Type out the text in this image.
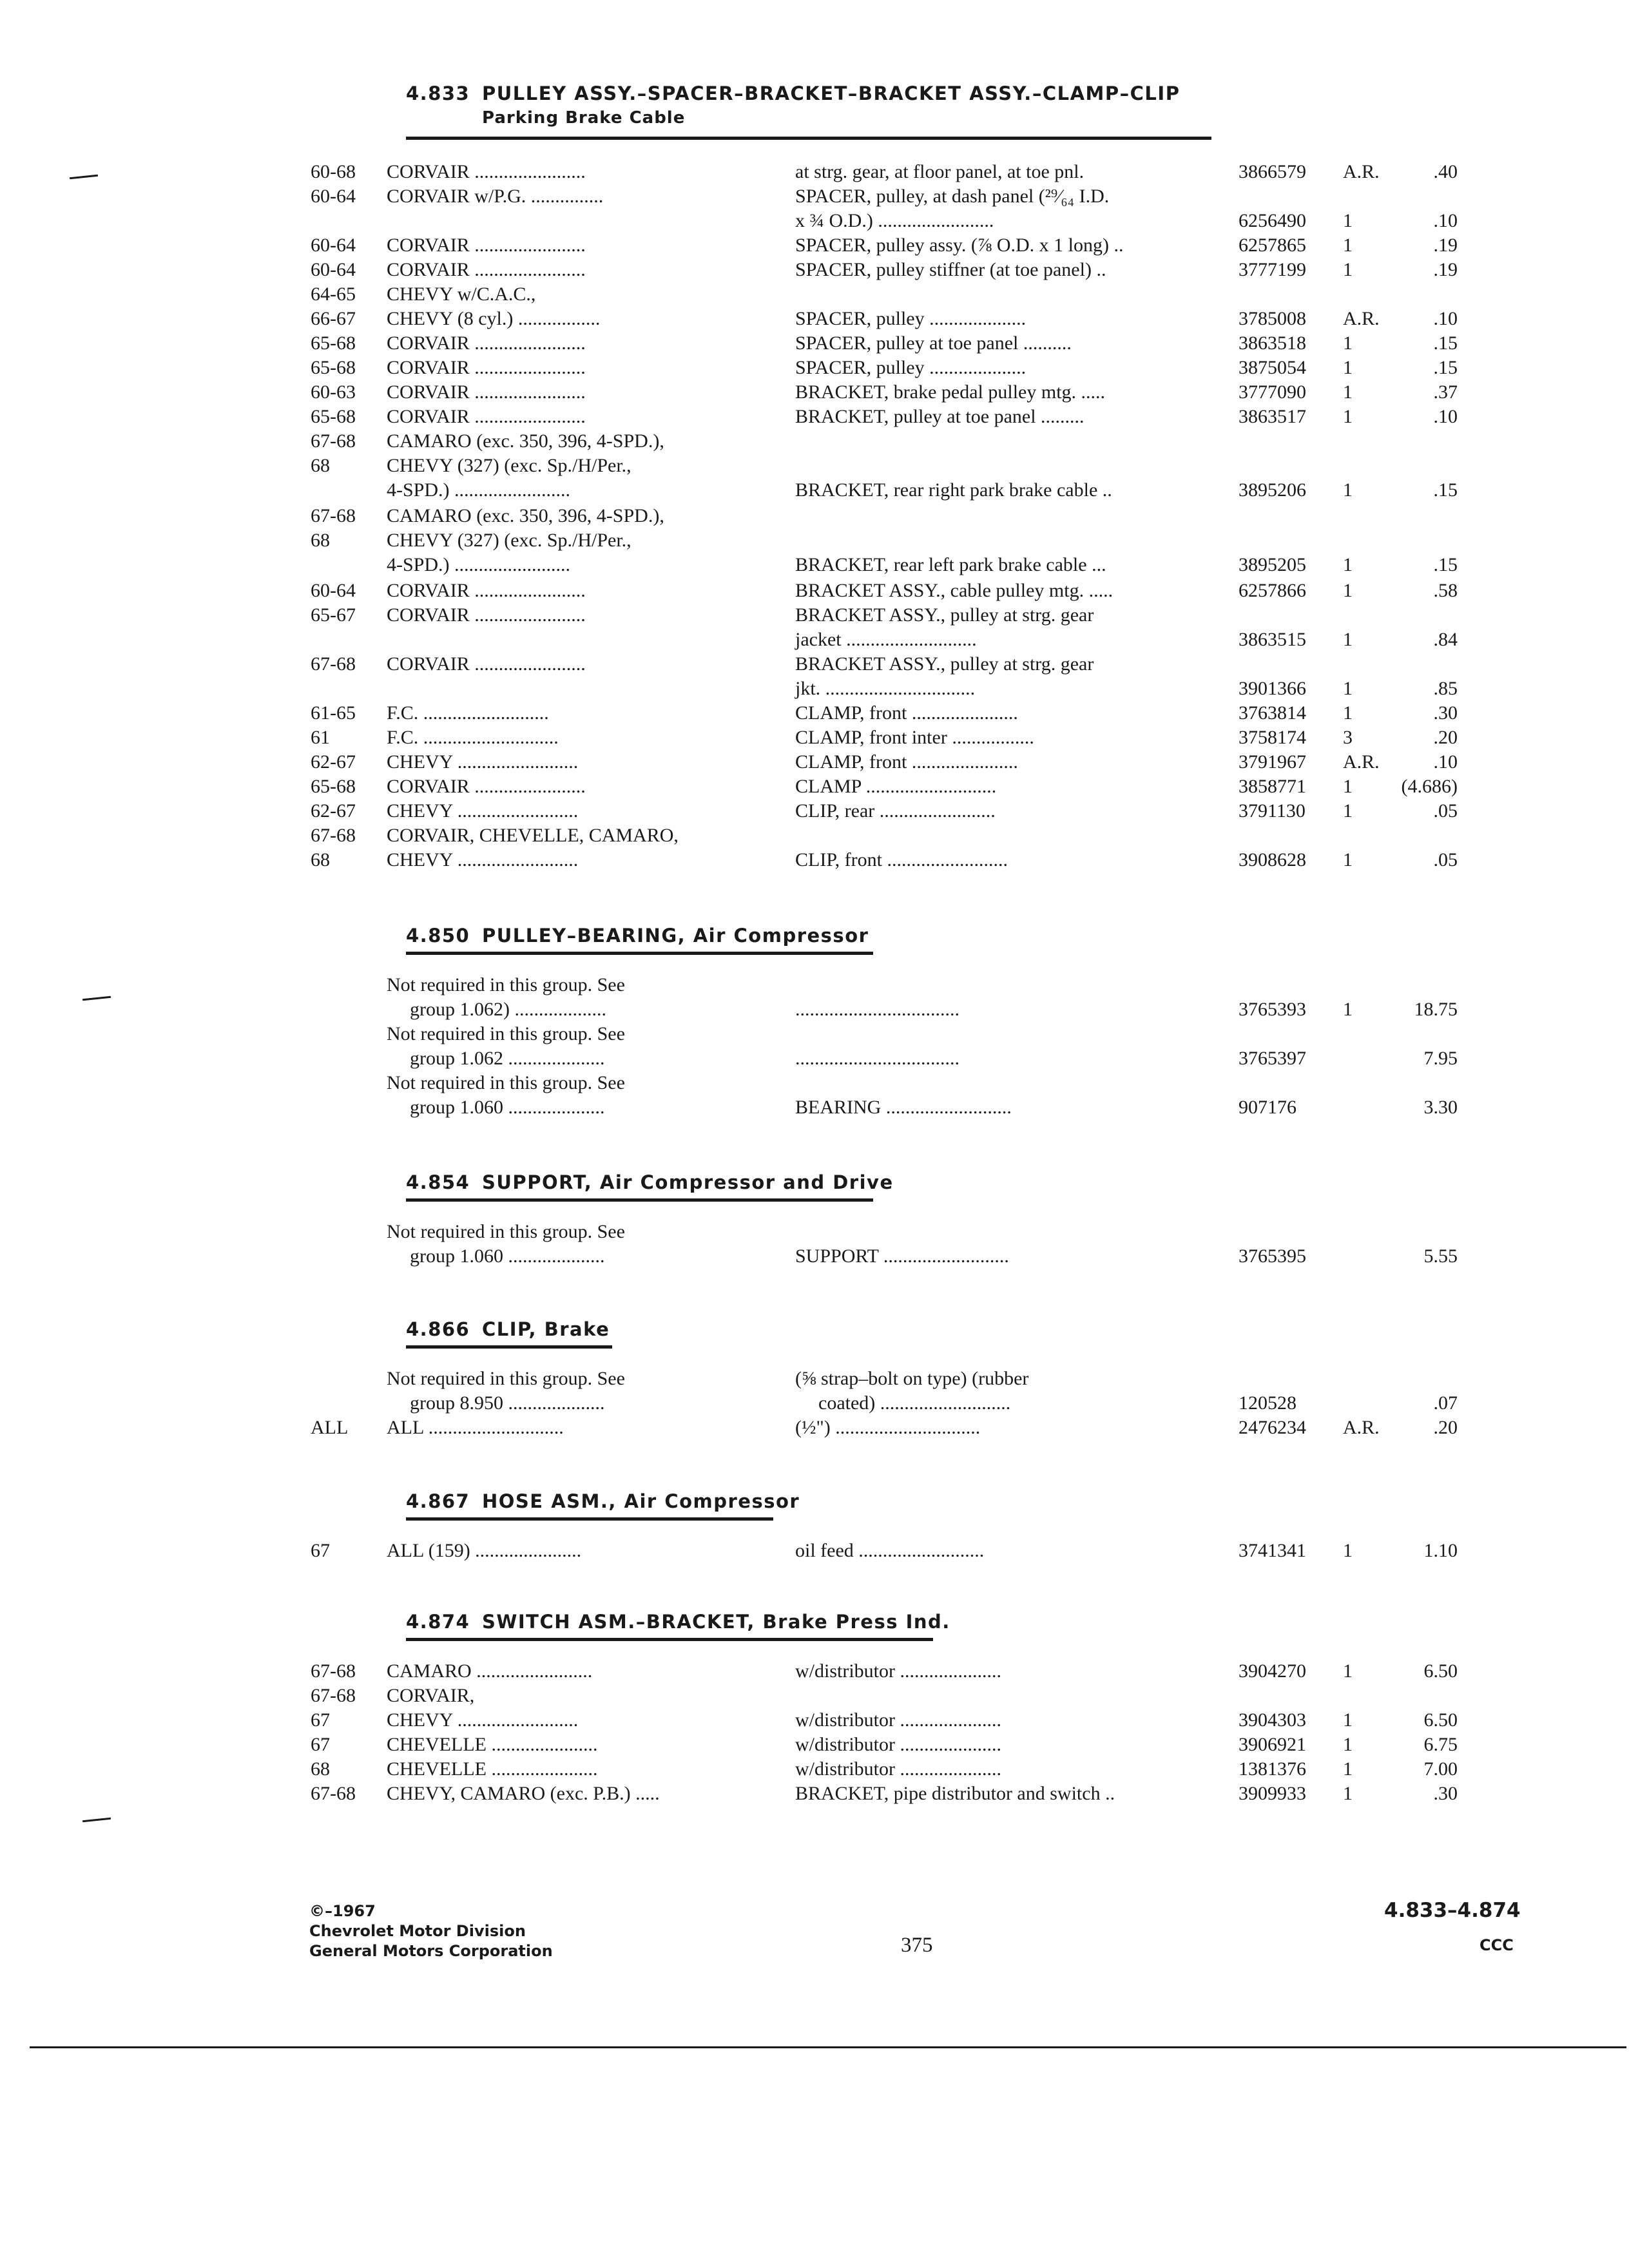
4.833 PULLEY ASSY.–SPACER–BRACKET–BRACKET ASSY.–CLAMP–CLIP
Parking Brake Cable
60-68 CORVAIR .......................	at strg. gear, at floor panel, at toe pnl.	3866579 A.R.	.40
60-64 CORVAIR w/P.G. ...............	SPACER, pulley, at dash panel (²⁹⁄₆₄ I.D.
x ¾ O.D.) ........................	6256490 1	.10
60-64 CORVAIR .......................	SPACER, pulley assy. (⅞ O.D. x 1 long) ..	6257865 1	.19
60-64 CORVAIR .......................	SPACER, pulley stiffner (at toe panel) ..	3777199 1	.19
64-65 CHEVY w/C.A.C.,
66-67 CHEVY (8 cyl.) .................	SPACER, pulley ....................	3785008 A.R.	.10
65-68 CORVAIR .......................	SPACER, pulley at toe panel ..........	3863518 1	.15
65-68 CORVAIR .......................	SPACER, pulley ....................	3875054 1	.15
60-63 CORVAIR .......................	BRACKET, brake pedal pulley mtg. .....	3777090 1	.37
65-68 CORVAIR .......................	BRACKET, pulley at toe panel .........	3863517 1	.10
67-68 CAMARO (exc. 350, 396, 4-SPD.),
68	CHEVY (327) (exc. Sp./H/Per.,
4-SPD.) ........................	BRACKET, rear right park brake cable ..	3895206 1	.15
67-68 CAMARO (exc. 350, 396, 4-SPD.),
68	CHEVY (327) (exc. Sp./H/Per.,
4-SPD.) ........................	BRACKET, rear left park brake cable ...	3895205 1	.15
60-64 CORVAIR .......................	BRACKET ASSY., cable pulley mtg. .....	6257866 1	.58
65-67 CORVAIR .......................	BRACKET ASSY., pulley at strg. gear
jacket ...........................	3863515 1	.84
67-68 CORVAIR .......................	BRACKET ASSY., pulley at strg. gear
jkt. ...............................	3901366 1	.85
61-65 F.C. ..........................	CLAMP, front ......................	3763814 1	.30
61	F.C. ............................	CLAMP, front inter .................	3758174 3	.20
62-67 CHEVY .........................	CLAMP, front ......................	3791967 A.R.	.10
65-68 CORVAIR .......................	CLAMP ...........................	3858771 1	(4.686)
62-67 CHEVY .........................	CLIP, rear ........................	3791130 1	.05
67-68 CORVAIR, CHEVELLE, CAMARO,
68	CHEVY .........................	CLIP, front .........................	3908628 1	.05
4.850 PULLEY–BEARING, Air Compressor
Not required in this group. See
group 1.062) ...................	..................................	3765393 1	18.75
Not required in this group. See
group 1.062 ....................	..................................	3765397	7.95
Not required in this group. See
group 1.060 ....................	BEARING ..........................	907176	3.30
4.854 SUPPORT, Air Compressor and Drive
Not required in this group. See
group 1.060 ....................	SUPPORT ..........................	3765395	5.55
4.866 CLIP, Brake
Not required in this group. See	(⅝ strap–bolt on type) (rubber
group 8.950 ....................	coated) ...........................	120528	.07
ALL ALL ............................	(½") ..............................	2476234 A.R.	.20
4.867 HOSE ASM., Air Compressor
67	ALL (159) ......................	oil feed ..........................	3741341 1	1.10
4.874 SWITCH ASM.–BRACKET, Brake Press Ind.
67-68 CAMARO ........................	w/distributor .....................	3904270 1	6.50
67-68 CORVAIR,
67	CHEVY .........................	w/distributor .....................	3904303 1	6.50
67	CHEVELLE ......................	w/distributor .....................	3906921 1	6.75
68	CHEVELLE ......................	w/distributor .....................	1381376 1	7.00
67-68 CHEVY, CAMARO (exc. P.B.) .....	BRACKET, pipe distributor and switch ..	3909933 1	.30
©–1967
Chevrolet Motor Division
General Motors Corporation	375
4.833–4.874
CCC
